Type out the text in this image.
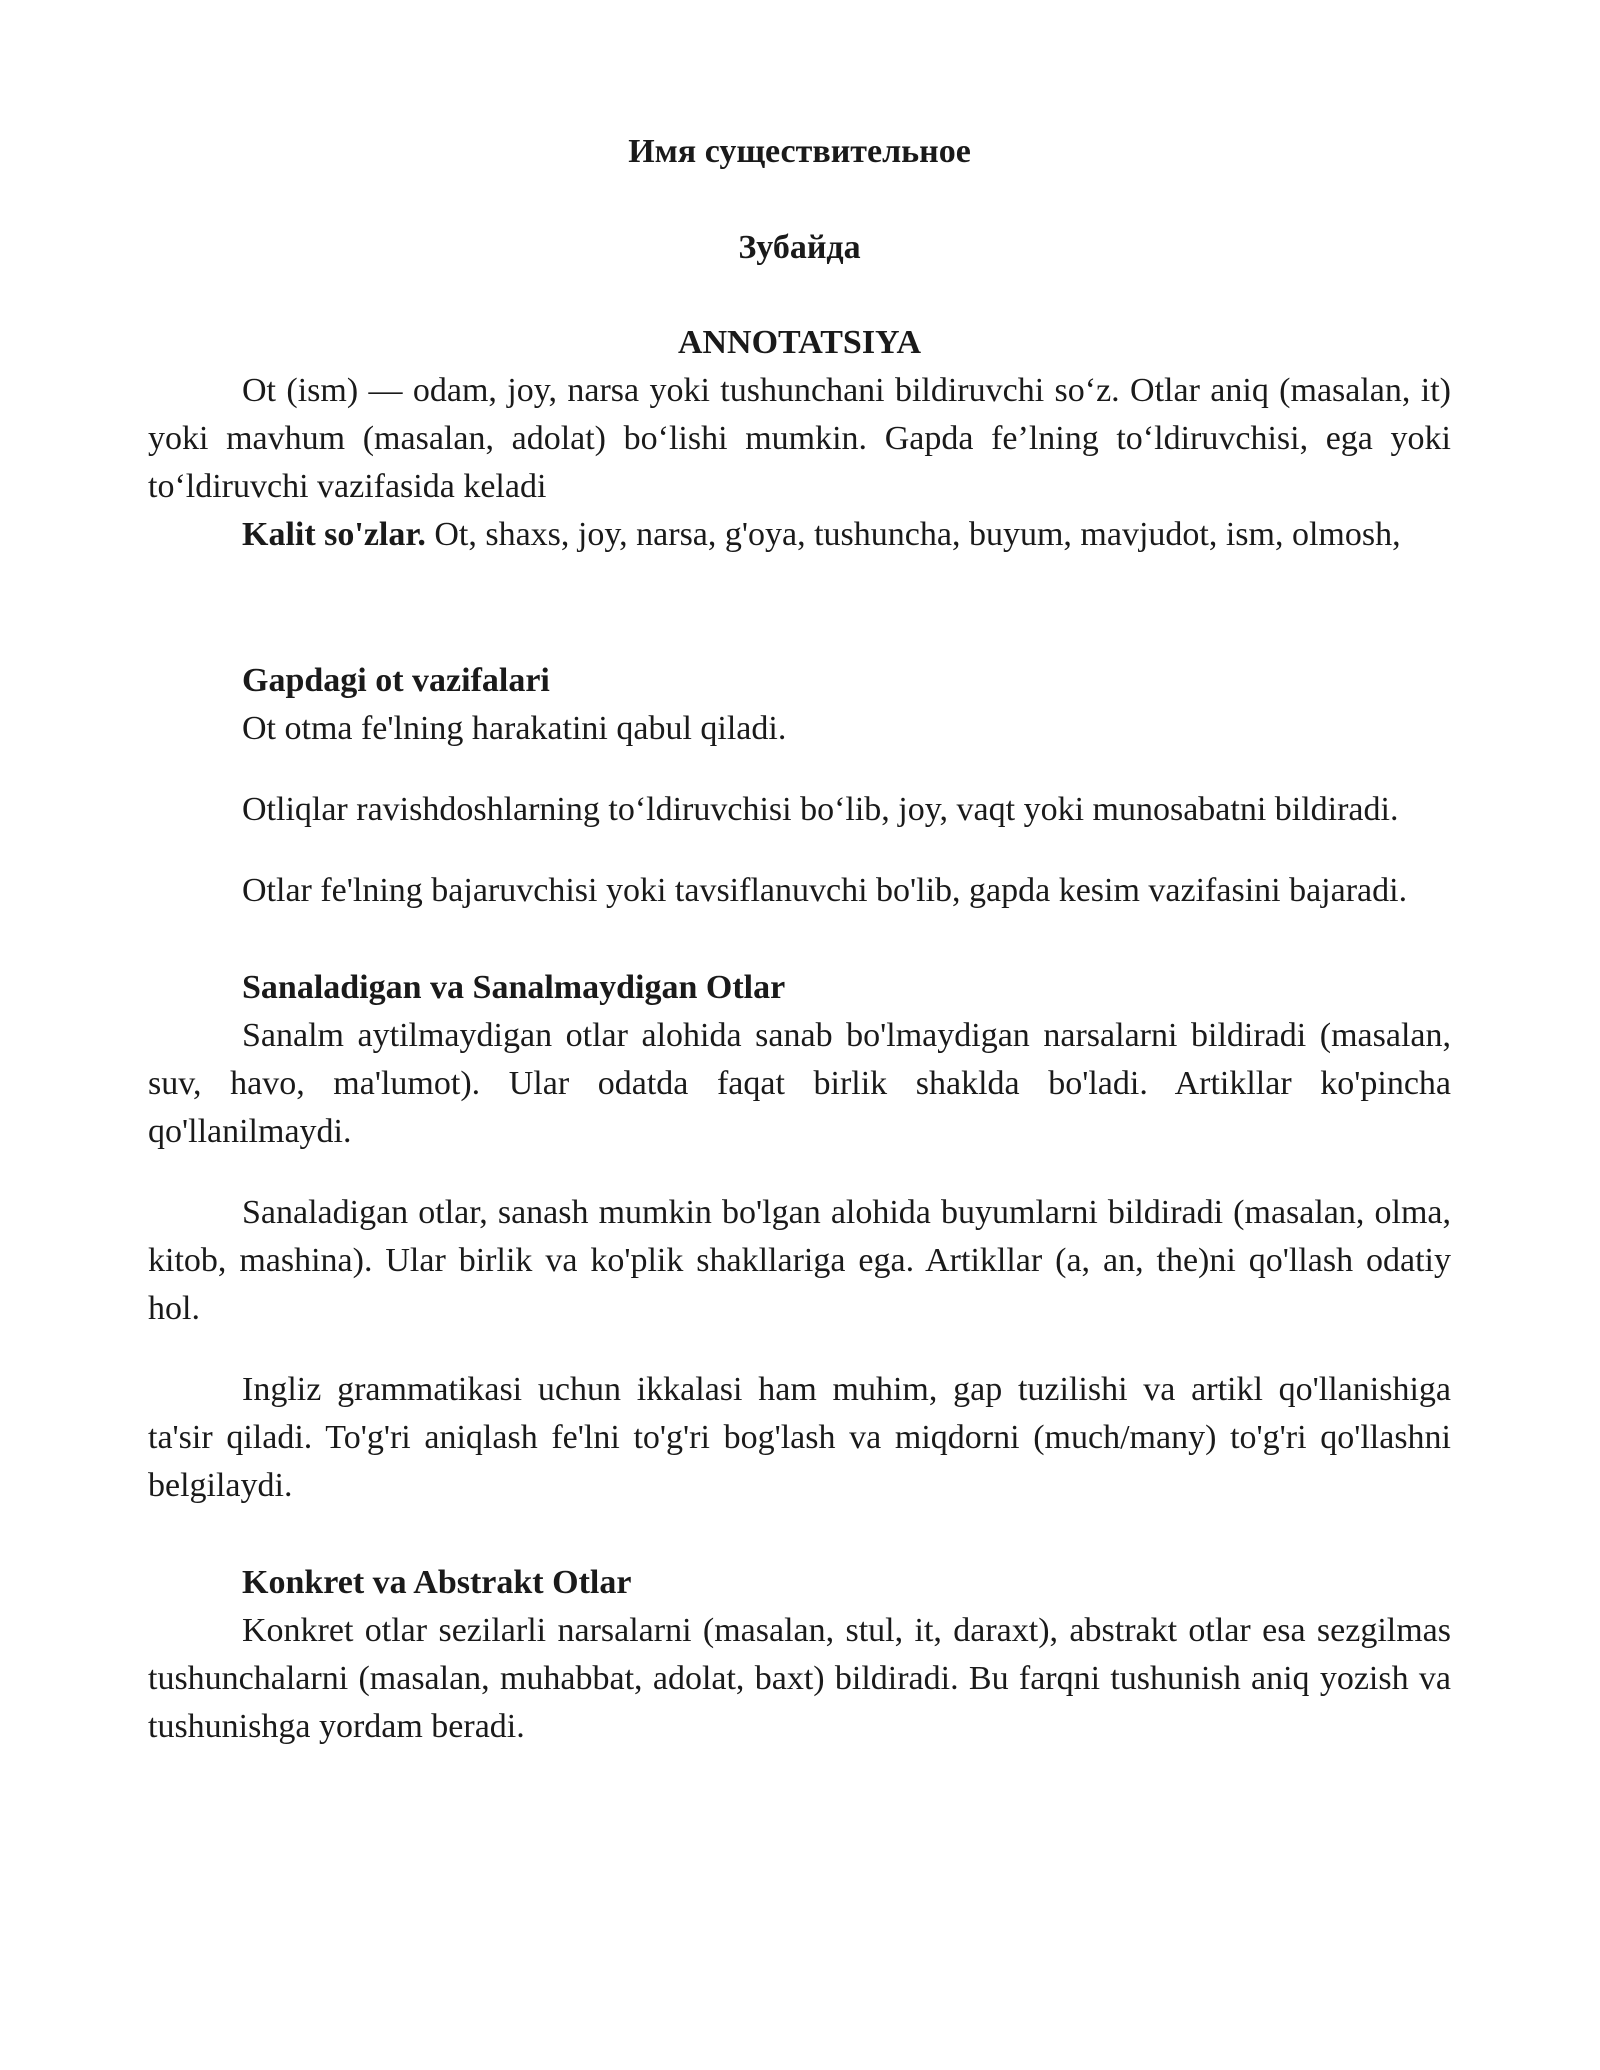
Имя существительное
Зубайда
ANNOTATSIYA

Ot (ism) — odam, joy, narsa yoki tushunchani bildiruvchi so‘z. Otlar aniq (masalan, it) yoki mavhum (masalan, adolat) bo‘lishi mumkin. Gapda fe’lning to‘ldiruvchisi, ega yoki to‘ldiruvchi vazifasida keladi

Kalit so'zlar. Ot, shaxs, joy, narsa, g'oya, tushuncha, buyum, mavjudot, ism, olmosh,

Gapdagi ot vazifalari

Ot otma fe'lning harakatini qabul qiladi.

Otliqlar ravishdoshlarning to‘ldiruvchisi bo‘lib, joy, vaqt yoki munosabatni bildiradi.

Otlar fe'lning bajaruvchisi yoki tavsiflanuvchi bo'lib, gapda kesim vazifasini bajaradi.

Sanaladigan va Sanalmaydigan Otlar

Sanalm aytilmaydigan otlar alohida sanab bo'lmaydigan narsalarni bildiradi (masalan, suv, havo, ma'lumot). Ular odatda faqat birlik shaklda bo'ladi. Artikllar ko'pincha qo'llanilmaydi.

Sanaladigan otlar, sanash mumkin bo'lgan alohida buyumlarni bildiradi (masalan, olma, kitob, mashina). Ular birlik va ko'plik shakllariga ega. Artikllar (a, an, the)ni qo'llash odatiy hol.

Ingliz grammatikasi uchun ikkalasi ham muhim, gap tuzilishi va artikl qo'llanishiga ta'sir qiladi. To'g'ri aniqlash fe'lni to'g'ri bog'lash va miqdorni (much/many) to'g'ri qo'llashni belgilaydi.

Konkret va Abstrakt Otlar

Konkret otlar sezilarli narsalarni (masalan, stul, it, daraxt), abstrakt otlar esa sezgilmas tushunchalarni (masalan, muhabbat, adolat, baxt) bildiradi. Bu farqni tushunish aniq yozish va tushunishga yordam beradi.
